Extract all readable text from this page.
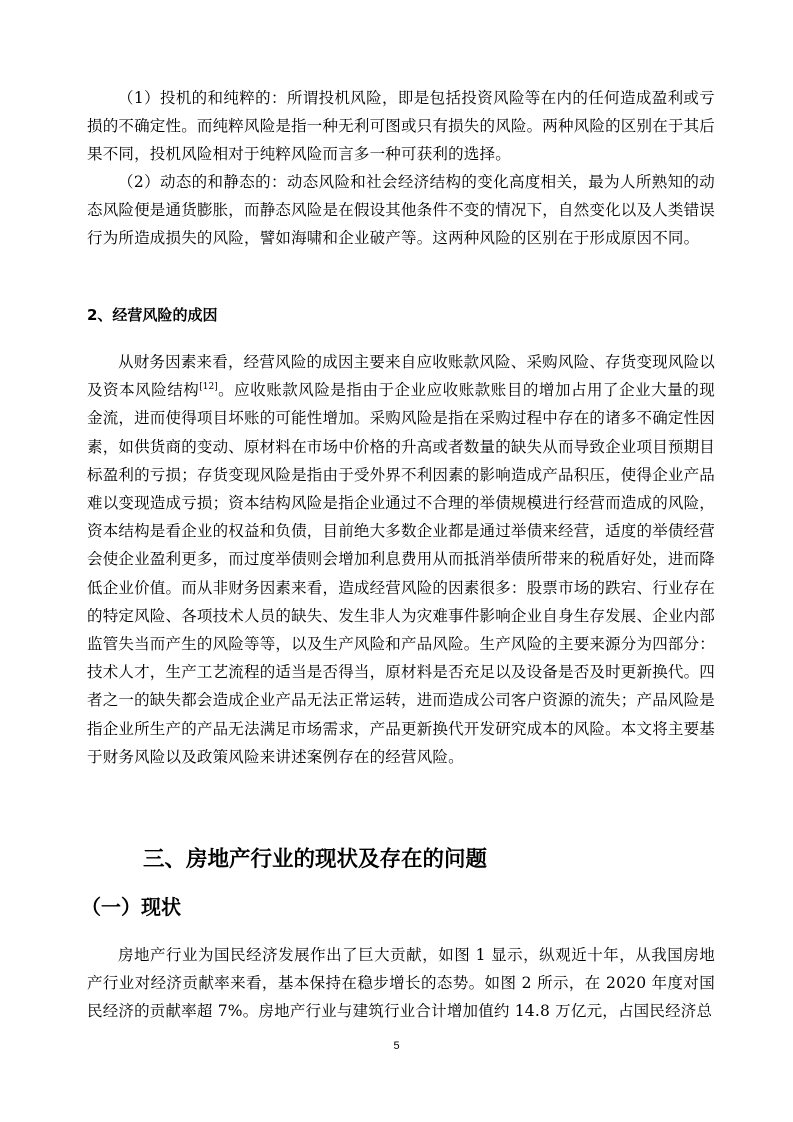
（1）投机的和纯粹的：所谓投机风险，即是包括投资风险等在内的任何造成盈利或亏损的不确定性。而纯粹风险是指一种无利可图或只有损失的风险。两种风险的区别在于其后果不同，投机风险相对于纯粹风险而言多一种可获利的选择。

（2）动态的和静态的：动态风险和社会经济结构的变化高度相关，最为人所熟知的动态风险便是通货膨胀，而静态风险是在假设其他条件不变的情况下，自然变化以及人类错误行为所造成损失的风险，譬如海啸和企业破产等。这两种风险的区别在于形成原因不同。

2、经营风险的成因

从财务因素来看，经营风险的成因主要来自应收账款风险、采购风险、存货变现风险以及资本风险结构[12]。应收账款风险是指由于企业应收账款账目的增加占用了企业大量的现金流，进而使得项目坏账的可能性增加。采购风险是指在采购过程中存在的诸多不确定性因素，如供货商的变动、原材料在市场中价格的升高或者数量的缺失从而导致企业项目预期目标盈利的亏损；存货变现风险是指由于受外界不利因素的影响造成产品积压，使得企业产品难以变现造成亏损；资本结构风险是指企业通过不合理的举债规模进行经营而造成的风险，资本结构是看企业的权益和负债，目前绝大多数企业都是通过举债来经营，适度的举债经营会使企业盈利更多，而过度举债则会增加利息费用从而抵消举债所带来的税盾好处，进而降低企业价值。而从非财务因素来看，造成经营风险的因素很多：股票市场的跌宕、行业存在的特定风险、各项技术人员的缺失、发生非人为灾难事件影响企业自身生存发展、企业内部监管失当而产生的风险等等，以及生产风险和产品风险。生产风险的主要来源分为四部分：技术人才，生产工艺流程的适当是否得当，原材料是否充足以及设备是否及时更新换代。四者之一的缺失都会造成企业产品无法正常运转，进而造成公司客户资源的流失；产品风险是指企业所生产的产品无法满足市场需求，产品更新换代开发研究成本的风险。本文将主要基于财务风险以及政策风险来讲述案例存在的经营风险。

三、房地产行业的现状及存在的问题
（一）现状

房地产行业为国民经济发展作出了巨大贡献，如图 1 显示，纵观近十年，从我国房地产行业对经济贡献率来看，基本保持在稳步增长的态势。如图 2 所示，在 2020 年度对国民经济的贡献率超 7%。房地产行业与建筑行业合计增加值约 14.8 万亿元，占国民经济总

5
